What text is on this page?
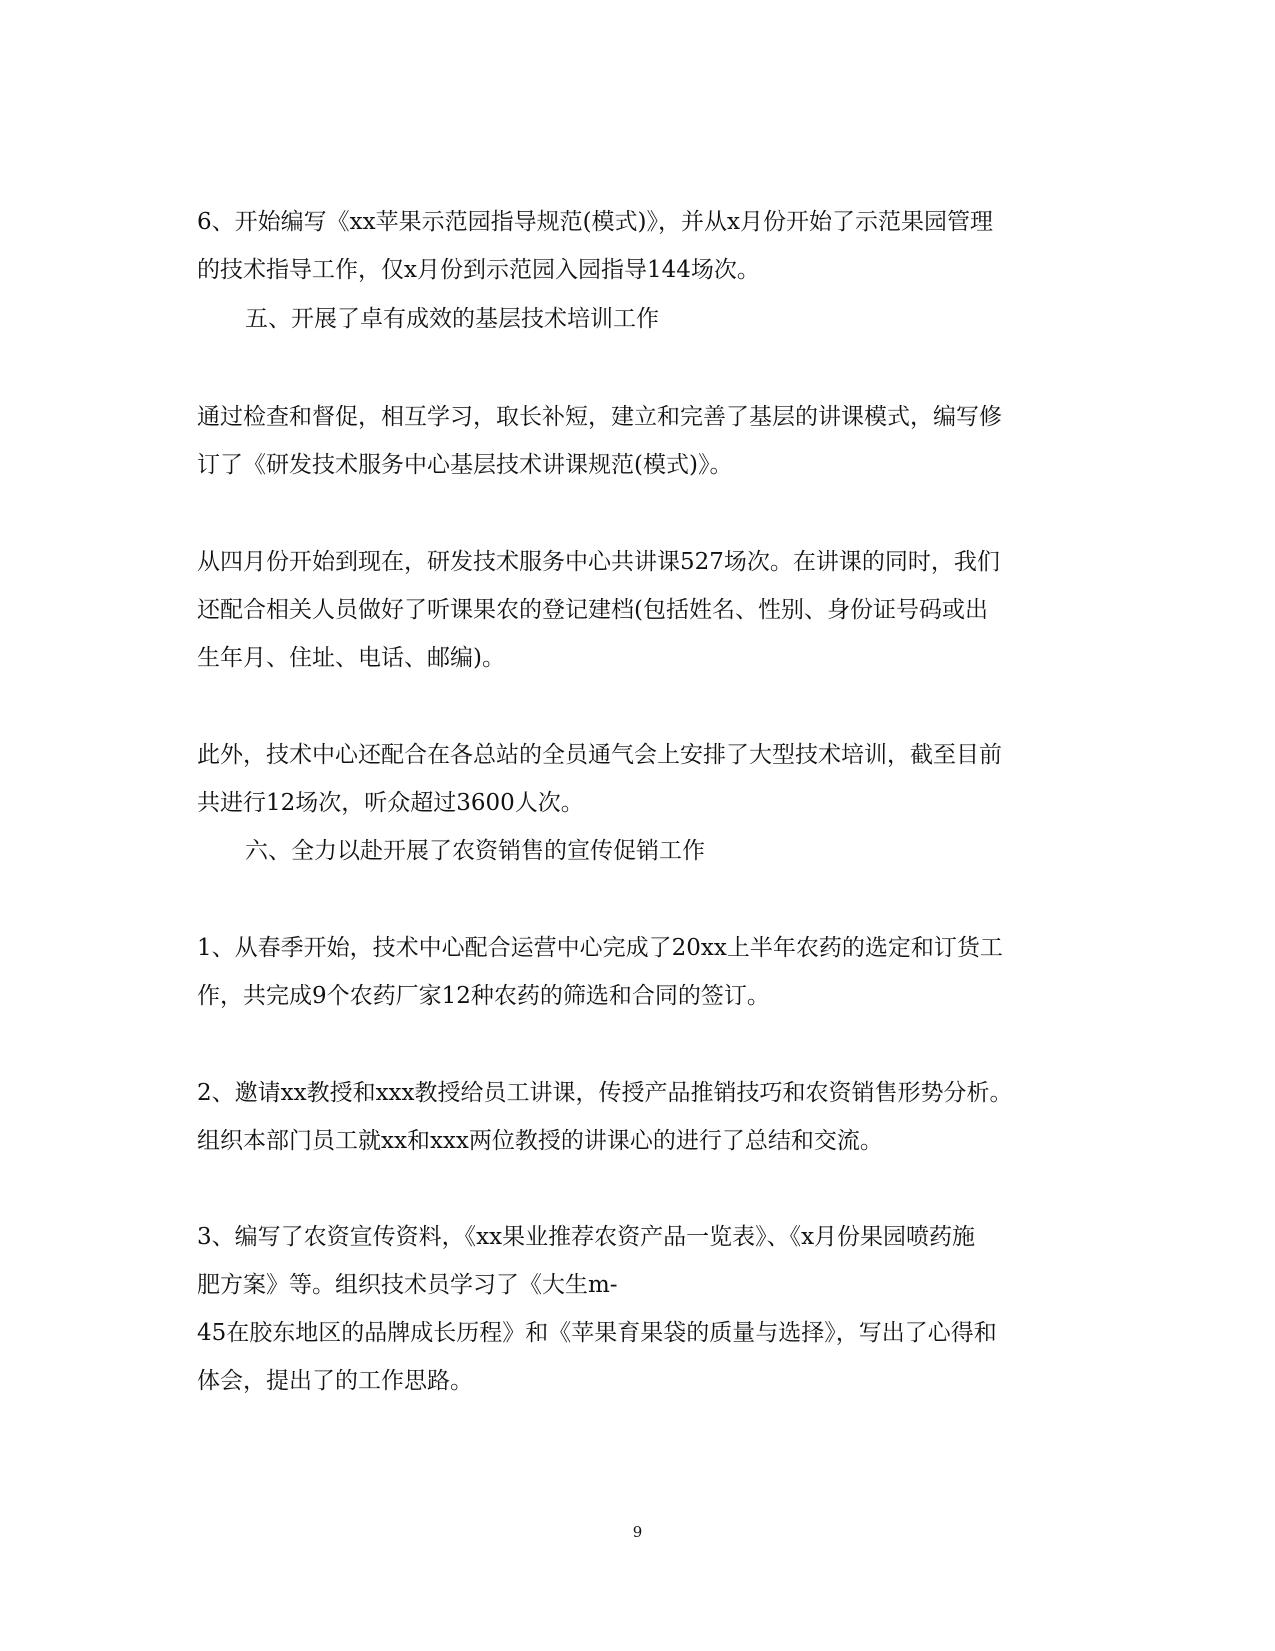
6、开始编写《xx苹果示范园指导规范(模式)》，并从x月份开始了示范果园管理
的技术指导工作，仅x月份到示范园入园指导144场次。
五、开展了卓有成效的基层技术培训工作
通过检查和督促，相互学习，取长补短，建立和完善了基层的讲课模式，编写修
订了《研发技术服务中心基层技术讲课规范(模式)》。
从四月份开始到现在，研发技术服务中心共讲课527场次。在讲课的同时，我们
还配合相关人员做好了听课果农的登记建档(包括姓名、性别、身份证号码或出
生年月、住址、电话、邮编)。
此外，技术中心还配合在各总站的全员通气会上安排了大型技术培训，截至目前
共进行12场次，听众超过3600人次。
六、全力以赴开展了农资销售的宣传促销工作
1、从春季开始，技术中心配合运营中心完成了20xx上半年农药的选定和订货工
作，共完成9个农药厂家12种农药的筛选和合同的签订。
2、邀请xx教授和xxx教授给员工讲课，传授产品推销技巧和农资销售形势分析。
组织本部门员工就xx和xxx两位教授的讲课心的进行了总结和交流。
3、编写了农资宣传资料，《xx果业推荐农资产品一览表》、《x月份果园喷药施
肥方案》等。组织技术员学习了《大生m-
45在胶东地区的品牌成长历程》和《苹果育果袋的质量与选择》，写出了心得和
体会，提出了的工作思路。
9
